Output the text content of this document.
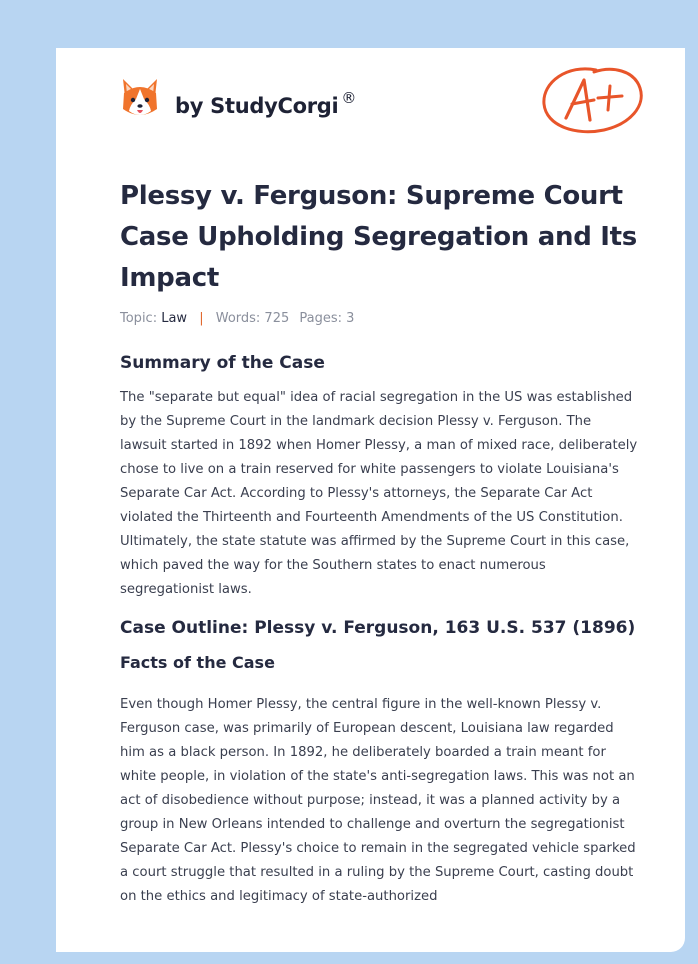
by StudyCorgi ®
Plessy v. Ferguson: Supreme Court Case Upholding Segregation and Its Impact
Topic: Law | Words: 725 Pages: 3
Summary of the Case

The "separate but equal" idea of racial segregation in the US was established by the Supreme Court in the landmark decision Plessy v. Ferguson. The lawsuit started in 1892 when Homer Plessy, a man of mixed race, deliberately chose to live on a train reserved for white passengers to violate Louisiana's Separate Car Act. According to Plessy's attorneys, the Separate Car Act violated the Thirteenth and Fourteenth Amendments of the US Constitution. Ultimately, the state statute was affirmed by the Supreme Court in this case, which paved the way for the Southern states to enact numerous segregationist laws.

Case Outline: Plessy v. Ferguson, 163 U.S. 537 (1896)
Facts of the Case

Even though Homer Plessy, the central figure in the well-known Plessy v. Ferguson case, was primarily of European descent, Louisiana law regarded him as a black person. In 1892, he deliberately boarded a train meant for white people, in violation of the state's anti-segregation laws. This was not an act of disobedience without purpose; instead, it was a planned activity by a group in New Orleans intended to challenge and overturn the segregationist Separate Car Act. Plessy's choice to remain in the segregated vehicle sparked a court struggle that resulted in a ruling by the Supreme Court, casting doubt on the ethics and legitimacy of state-authorized
